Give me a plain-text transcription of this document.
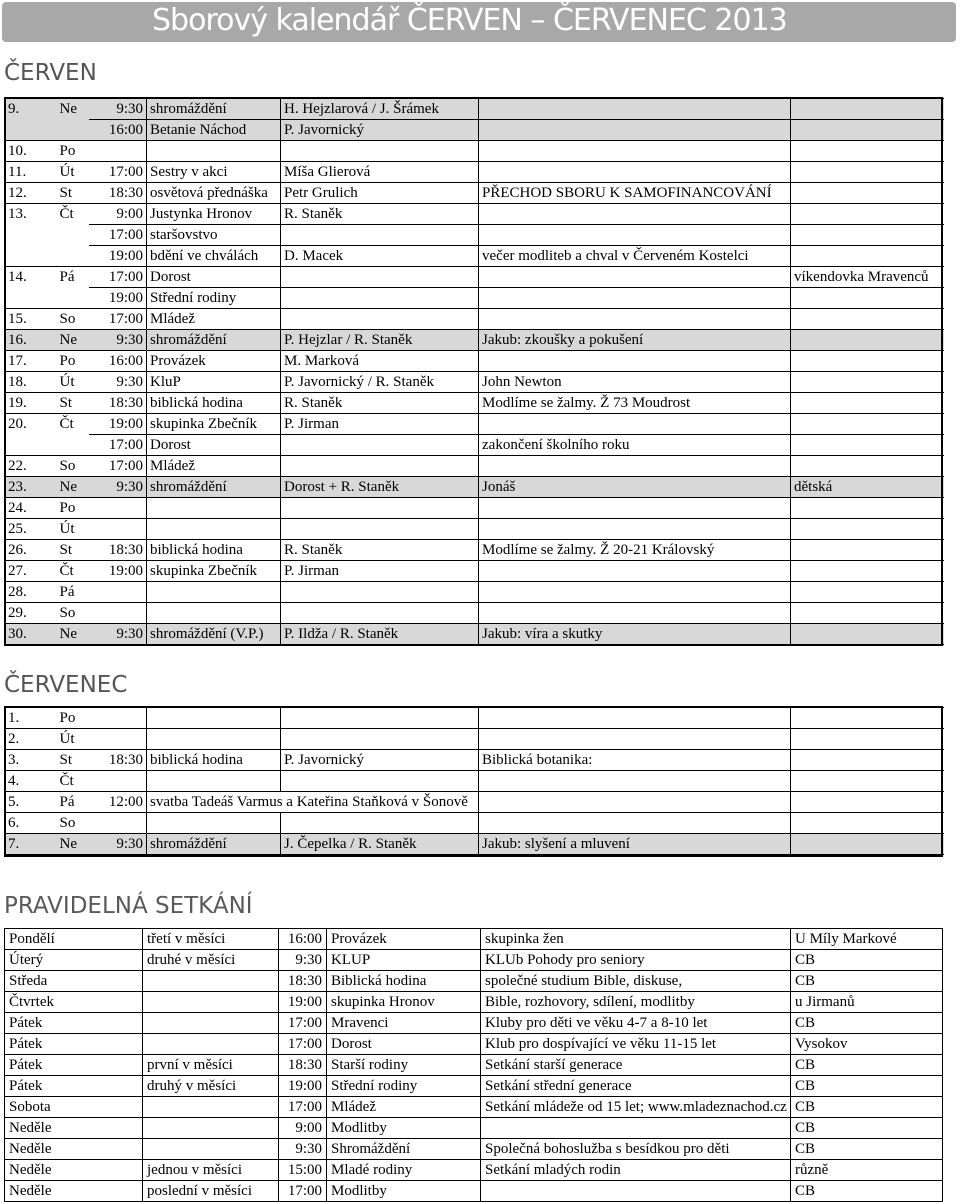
Sborový kalendář ČERVEN – ČERVENEC 2013
ČERVEN
9.	Ne	9:30	shromáždění	H. Hejzlarová / J. Šrámek		
		16:00	Betanie Náchod	P. Javornický		
10.	Po					
11.	Út	17:00	Sestry v akci	Míša Glierová		
12.	St	18:30	osvětová přednáška	Petr Grulich	PŘECHOD SBORU K SAMOFINANCOVÁNÍ	
13.	Čt	9:00	Justynka Hronov	R. Staněk		
		17:00	staršovstvo			
		19:00	bdění ve chválách	D. Macek	večer modliteb a chval v Červeném Kostelci	
14.	Pá	17:00	Dorost			víkendovka Mravenců
		19:00	Střední rodiny			
15.	So	17:00	Mládež			
16.	Ne	9:30	shromáždění	P. Hejzlar / R. Staněk	Jakub: zkoušky a pokušení	
17.	Po	16:00	Provázek	M. Marková		
18.	Út	9:30	KluP	P. Javornický / R. Staněk	John Newton	
19.	St	18:30	biblická hodina	R. Staněk	Modlíme se žalmy. Ž 73 Moudrost	
20.	Čt	19:00	skupinka Zbečník	P. Jirman		
		17:00	Dorost		zakončení školního roku	
22.	So	17:00	Mládež			
23.	Ne	9:30	shromáždění	Dorost + R. Staněk	Jonáš	dětská
24.	Po					
25.	Út					
26.	St	18:30	biblická hodina	R. Staněk	Modlíme se žalmy. Ž 20-21 Královský	
27.	Čt	19:00	skupinka Zbečník	P. Jirman		
28.	Pá					
29.	So					
30.	Ne	9:30	shromáždění (V.P.)	P. Ildža / R. Staněk	Jakub: víra a skutky	
ČERVENEC
1.	Po					
2.	Út					
3.	St	18:30	biblická hodina	P. Javornický	Biblická botanika:	
4.	Čt					
5.	Pá	12:00	svatba Tadeáš Varmus a Kateřina Staňková v Šonově			
6.	So					
7.	Ne	9:30	shromáždění	J. Čepelka / R. Staněk	Jakub: slyšení a mluvení	
PRAVIDELNÁ SETKÁNÍ
Pondělí	třetí v měsíci	16:00	Provázek	skupinka žen	U Míly Markové
Úterý	druhé v měsíci	9:30	KLUP	KLUb Pohody pro seniory	CB
Středa		18:30	Biblická hodina	společné studium Bible, diskuse,	CB
Čtvrtek		19:00	skupinka Hronov	Bible, rozhovory, sdílení, modlitby	u Jirmanů
Pátek		17:00	Mravenci	Kluby pro děti ve věku 4-7 a 8-10 let	CB
Pátek		17:00	Dorost	Klub pro dospívající ve věku 11-15 let	Vysokov
Pátek	první v měsíci	18:30	Starší rodiny	Setkání starší generace	CB
Pátek	druhý v měsíci	19:00	Střední rodiny	Setkání střední generace	CB
Sobota		17:00	Mládež	Setkání mládeže od 15 let; www.mladeznachod.cz	CB
Neděle		9:00	Modlitby		CB
Neděle		9:30	Shromáždění	Společná bohoslužba s besídkou pro děti	CB
Neděle	jednou v měsíci	15:00	Mladé rodiny	Setkání mladých rodin	různě
Neděle	poslední v měsíci	17:00	Modlitby		CB
